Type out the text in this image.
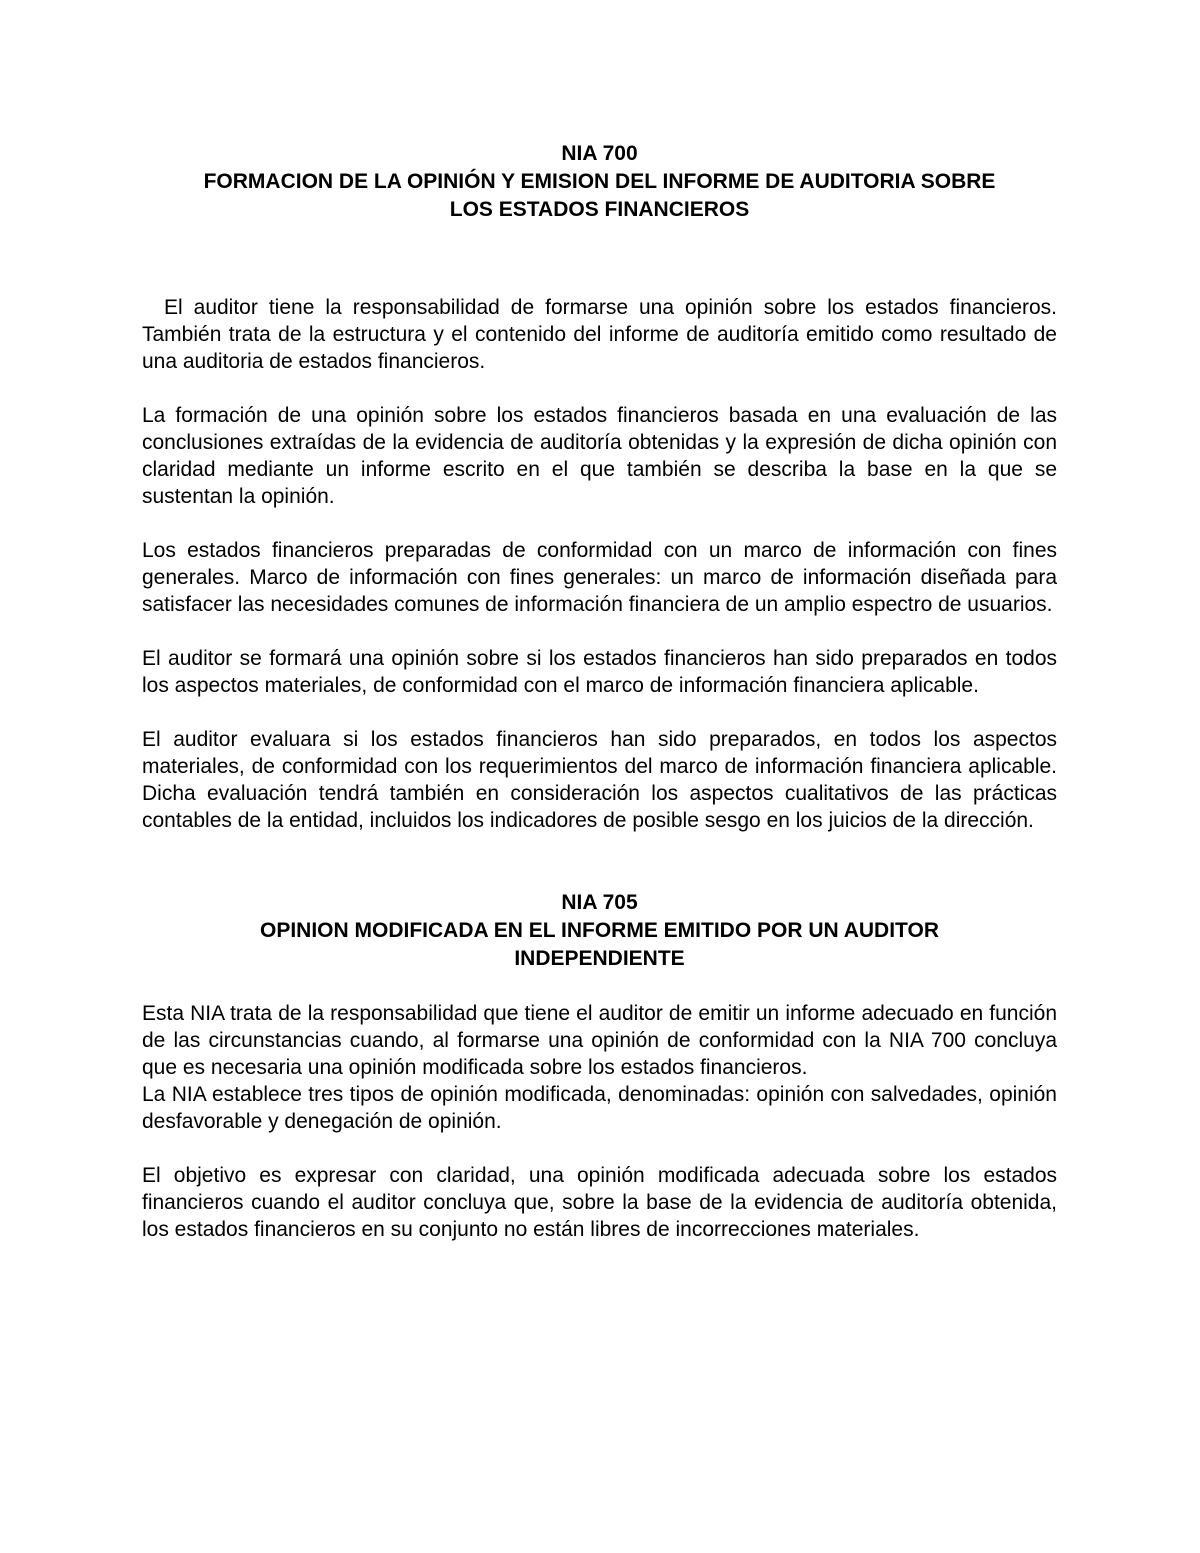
NIA 700

FORMACION DE LA OPINIÓN Y EMISION DEL INFORME DE AUDITORIA SOBRE

LOS ESTADOS FINANCIEROS

El auditor tiene la responsabilidad de formarse una opinión sobre los estados financieros. También trata de la estructura y el contenido del informe de auditoría emitido como resultado de una auditoria de estados financieros.

La formación de una opinión sobre los estados financieros basada en una evaluación de las conclusiones extraídas de la evidencia de auditoría obtenidas y la expresión de dicha opinión con claridad mediante un informe escrito en el que también se describa la base en la que se sustentan la opinión.

Los estados financieros preparadas de conformidad con un marco de información con fines generales. Marco de información con fines generales: un marco de información diseñada para satisfacer las necesidades comunes de información financiera de un amplio espectro de usuarios.

El auditor se formará una opinión sobre si los estados financieros han sido preparados en todos los aspectos materiales, de conformidad con el marco de información financiera aplicable.

El auditor evaluara si los estados financieros han sido preparados, en todos los aspectos materiales, de conformidad con los requerimientos del marco de información financiera aplicable. Dicha evaluación tendrá también en consideración los aspectos cualitativos de las prácticas contables de la entidad, incluidos los indicadores de posible sesgo en los juicios de la dirección.

NIA 705

OPINION MODIFICADA EN EL INFORME EMITIDO POR UN AUDITOR

INDEPENDIENTE

Esta NIA trata de la responsabilidad que tiene el auditor de emitir un informe adecuado en función de las circunstancias cuando, al formarse una opinión de conformidad con la NIA 700 concluya que es necesaria una opinión modificada sobre los estados financieros.

La NIA establece tres tipos de opinión modificada, denominadas: opinión con salvedades, opinión desfavorable y denegación de opinión.

El objetivo es expresar con claridad, una opinión modificada adecuada sobre los estados financieros cuando el auditor concluya que, sobre la base de la evidencia de auditoría obtenida, los estados financieros en su conjunto no están libres de incorrecciones materiales.
